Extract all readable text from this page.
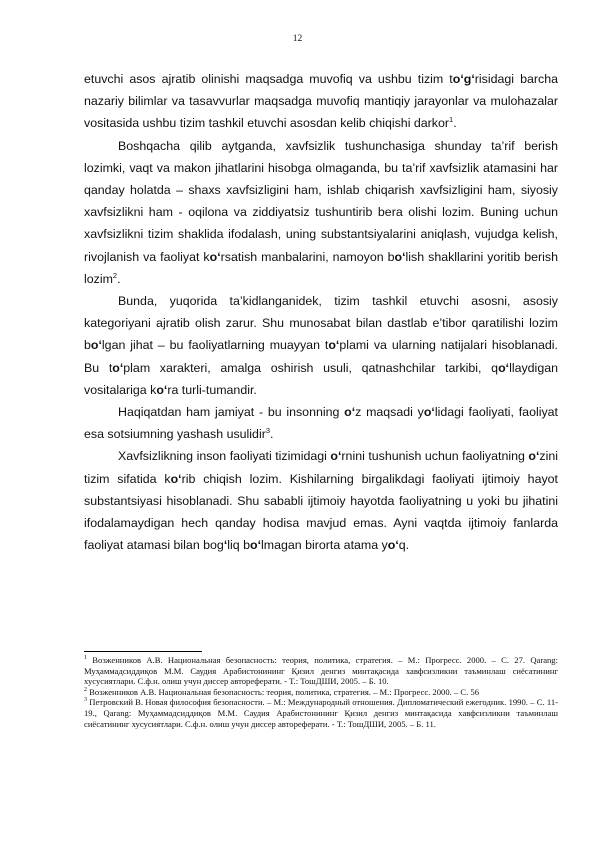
12

etuvchi asos ajratib olinishi maqsadga muvofiq va ushbu tizim to‘g‘risidagi barcha nazariy bilimlar va tasavvurlar maqsadga muvofiq mantiqiy jarayonlar va mulohazalar vositasida ushbu tizim tashkil etuvchi asosdan kelib chiqishi darkor$^1$.

Boshqacha qilib aytganda, xavfsizlik tushunchasiga shunday ta’rif berish lozimki, vaqt va makon jihatlarini hisobga olmaganda, bu ta’rif xavfsizlik atamasini har qanday holatda – shaxs xavfsizligini ham, ishlab chiqarish xavfsizligini ham, siyosiy xavfsizlikni ham - oqilona va ziddiyatsiz tushuntirib bera olishi lozim. Buning uchun xavfsizlikni tizim shaklida ifodalash, uning substantsiyalarini aniqlash, vujudga kelish, rivojlanish va faoliyat ko‘rsatish manbalarini, namoyon bo‘lish shakllarini yoritib berish lozim$^2$.

Bunda, yuqorida ta’kidlanganidek, tizim tashkil etuvchi asosni, asosiy kategoriyani ajratib olish zarur. Shu munosabat bilan dastlab e’tibor qaratilishi lozim bo‘lgan jihat – bu faoliyatlarning muayyan to‘plami va ularning natijalari hisoblanadi. Bu to‘plam xarakteri, amalga oshirish usuli, qatnashchilar tarkibi, qo‘llaydigan vositalariga ko‘ra turli-tumandir.

Haqiqatdan ham jamiyat - bu insonning o‘z maqsadi yo‘lidagi faoliyati, faoliyat esa sotsiumning yashash usulidir$^3$.

Xavfsizlikning inson faoliyati tizimidagi o‘rnini tushunish uchun faoliyatning o‘zini tizim sifatida ko‘rib chiqish lozim. Kishilarning birgalikdagi faoliyati ijtimoiy hayot substantsiyasi hisoblanadi. Shu sababli ijtimoiy hayotda faoliyatning u yoki bu jihatini ifodalamaydigan hech qanday hodisa mavjud emas. Ayni vaqtda ijtimoiy fanlarda faoliyat atamasi bilan bog‘liq bo‘lmagan birorta atama yo‘q.

$^1$ Возженников А.В. Национальная безопасность: теория, политика, стратегия. – М.: Прогресс. 2000. – С. 27. Qarang: Муҳаммадсиддиқов М.М. Саудия Арабистонининг Қизил денгиз минтақасида хавфсизликни таъминлаш сиёсатининг хусусиятлари. С.ф.н. олиш учун диссер автореферати. - Т.: ТошДШИ, 2005. – Б. 10.

$^2$ Возженников А.В. Национальная безопасность: теория, политика, стратегия. – М.: Прогресс. 2000. – С. 56

$^3$ Петровский В. Новая философия безопасности. – М.: Международный отношения. Дипломатический ежегодник. 1990. – С. 11-19., Qarang: Муҳаммадсиддиқов М.М. Саудия Арабистонининг Қизил денгиз минтақасида хавфсизликни таъминлаш сиёсатининг хусусиятлари. С.ф.н. олиш учун диссер автореферати. - Т.: ТошДШИ, 2005. – Б. 11.
